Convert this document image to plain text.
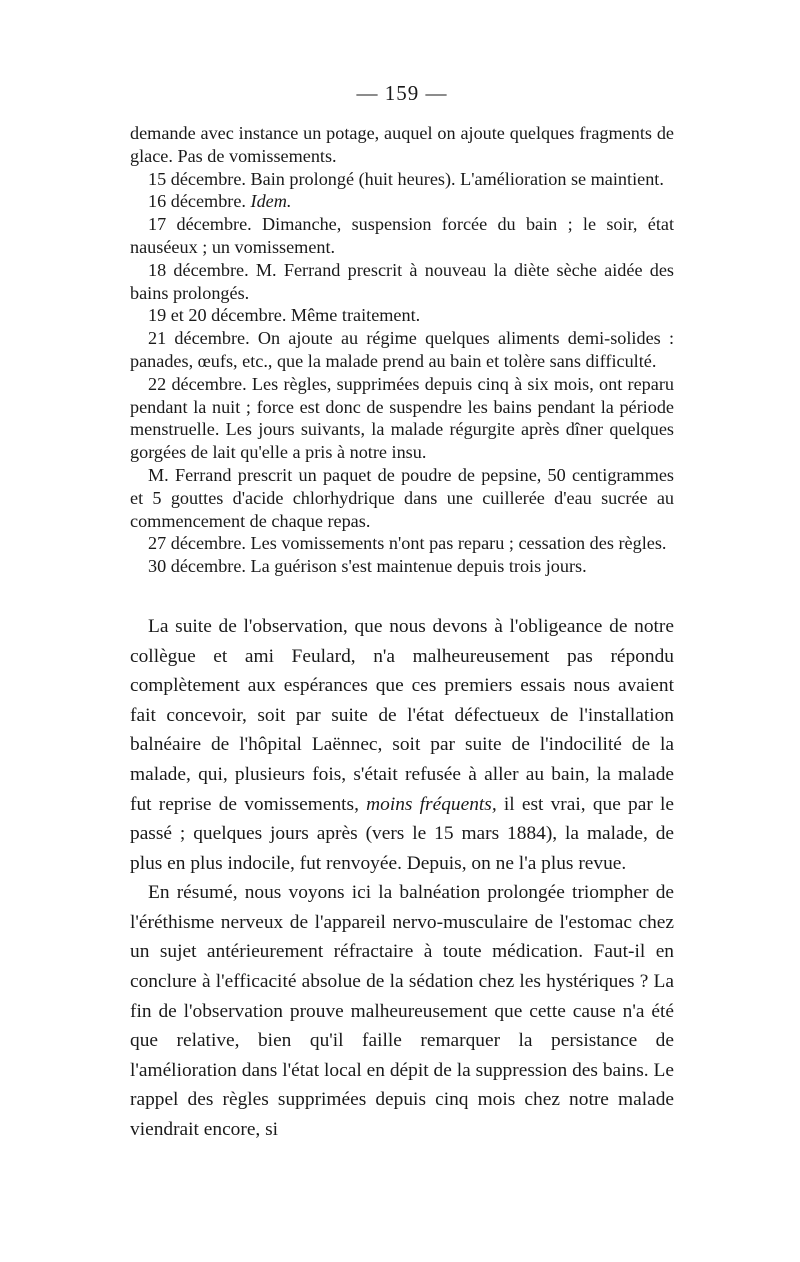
— 159 —

demande avec instance un potage, auquel on ajoute quelques fragments de glace. Pas de vomissements.

15 décembre. Bain prolongé (huit heures). L'amélioration se maintient.

16 décembre. Idem.

17 décembre. Dimanche, suspension forcée du bain ; le soir, état nauséeux ; un vomissement.

18 décembre. M. Ferrand prescrit à nouveau la diète sèche aidée des bains prolongés.

19 et 20 décembre. Même traitement.

21 décembre. On ajoute au régime quelques aliments demi-solides : panades, œufs, etc., que la malade prend au bain et tolère sans difficulté.

22 décembre. Les règles, supprimées depuis cinq à six mois, ont reparu pendant la nuit ; force est donc de suspendre les bains pendant la période menstruelle. Les jours suivants, la malade régurgite après dîner quelques gorgées de lait qu'elle a pris à notre insu.

M. Ferrand prescrit un paquet de poudre de pepsine, 50 centigrammes et 5 gouttes d'acide chlorhydrique dans une cuillerée d'eau sucrée au commencement de chaque repas.

27 décembre. Les vomissements n'ont pas reparu ; cessation des règles.

30 décembre. La guérison s'est maintenue depuis trois jours.

La suite de l'observation, que nous devons à l'obligeance de notre collègue et ami Feulard, n'a malheureusement pas répondu complètement aux espérances que ces premiers essais nous avaient fait concevoir, soit par suite de l'état défectueux de l'installation balnéaire de l'hôpital Laënnec, soit par suite de l'indocilité de la malade, qui, plusieurs fois, s'était refusée à aller au bain, la malade fut reprise de vomissements, moins fréquents, il est vrai, que par le passé ; quelques jours après (vers le 15 mars 1884), la malade, de plus en plus indocile, fut renvoyée. Depuis, on ne l'a plus revue.

En résumé, nous voyons ici la balnéation prolongée triompher de l'éréthisme nerveux de l'appareil nervo-musculaire de l'estomac chez un sujet antérieurement réfractaire à toute médication. Faut-il en conclure à l'efficacité absolue de la sédation chez les hystériques ? La fin de l'observation prouve malheureusement que cette cause n'a été que relative, bien qu'il faille remarquer la persistance de l'amélioration dans l'état local en dépit de la suppression des bains. Le rappel des règles supprimées depuis cinq mois chez notre malade viendrait encore, si
